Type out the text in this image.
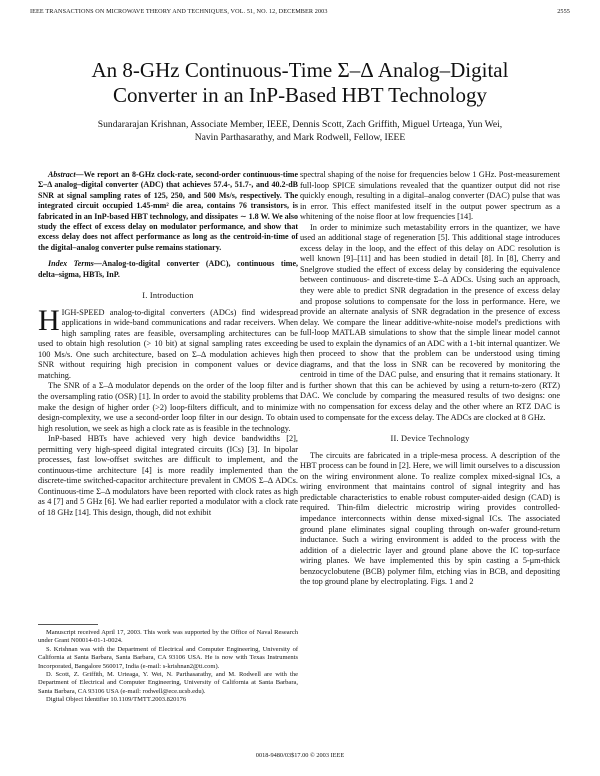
IEEE TRANSACTIONS ON MICROWAVE THEORY AND TECHNIQUES, VOL. 51, NO. 12, DECEMBER 2003	2555
An 8-GHz Continuous-Time Σ–Δ Analog–Digital
Converter in an InP-Based HBT Technology
Sundararajan Krishnan, Associate Member, IEEE, Dennis Scott, Zach Griffith, Miguel Urteaga, Yun Wei,
Navin Parthasarathy, and Mark Rodwell, Fellow, IEEE
Abstract—We report an 8-GHz clock-rate, second-order continuous-time Σ–Δ analog–digital converter (ADC) that achieves 57.4-, 51.7-, and 40.2-dB SNR at signal sampling rates of 125, 250, and 500 Ms/s, respectively. The integrated circuit occupied 1.45-mm² die area, contains 76 transistors, is fabricated in an InP-based HBT technology, and dissipates ∼ 1.8 W. We also study the effect of excess delay on modulator performance, and show that excess delay does not affect performance as long as the centroid-in-time of the digital–analog converter pulse remains stationary.
Index Terms—Analog-to-digital converter (ADC), continuous time, delta–sigma, HBTs, InP.
I. Introduction

HIGH-SPEED analog-to-digital converters (ADCs) find widespread applications in wide-band communications and radar receivers. When high sampling rates are feasible, oversampling architectures can be used to obtain high resolution (> 10 bit) at signal sampling rates exceeding 100 Ms/s. One such architecture, based on Σ–Δ modulation achieves high SNR without requiring high precision in component values or device matching.

The SNR of a Σ–Δ modulator depends on the order of the loop filter and the oversampling ratio (OSR) [1]. In order to avoid the stability problems that make the design of higher order (>2) loop-filters difficult, and to minimize design-complexity, we use a second-order loop filter in our design. To obtain high resolution, we seek as high a clock rate as is feasible in the technology.

InP-based HBTs have achieved very high device bandwidths [2], permitting very high-speed digital integrated circuits (ICs) [3]. In bipolar processes, fast low-offset switches are difficult to implement, and the continuous-time architecture [4] is more readily implemented than the discrete-time switched-capacitor architecture prevalent in CMOS Σ–Δ ADCs. Continuous-time Σ–Δ modulators have been reported with clock rates as high as 4 [7] and 5 GHz [6]. We had earlier reported a modulator with a clock rate of 18 GHz [14]. This design, though, did not exhibit

spectral shaping of the noise for frequencies below 1 GHz. Post-measurement full-loop SPICE simulations revealed that the quantizer output did not rise quickly enough, resulting in a digital–analog converter (DAC) pulse that was in error. This effect manifested itself in the output power spectrum as a whitening of the noise floor at low frequencies [14].

In order to minimize such metastability errors in the quantizer, we have used an additional stage of regeneration [5]. This additional stage introduces excess delay in the loop, and the effect of this delay on ADC resolution is well known [9]–[11] and has been studied in detail [8]. In [8], Cherry and Snelgrove studied the effect of excess delay by considering the equivalence between continuous- and discrete-time Σ–Δ ADCs. Using such an approach, they were able to predict SNR degradation in the presence of excess delay and propose solutions to compensate for the loss in performance. Here, we provide an alternate analysis of SNR degradation in the presence of excess delay. We compare the linear additive-white-noise model's predictions with full-loop MATLAB simulations to show that the simple linear model cannot be used to explain the dynamics of an ADC with a 1-bit internal quantizer. We then proceed to show that the problem can be understood using timing diagrams, and that the loss in SNR can be recovered by monitoring the centroid in time of the DAC pulse, and ensuring that it remains stationary. It is further shown that this can be achieved by using a return-to-zero (RTZ) DAC. We conclude by comparing the measured results of two designs: one with no compensation for excess delay and the other where an RTZ DAC is used to compensate for the excess delay. The ADCs are clocked at 8 GHz.

II. Device Technology

The circuits are fabricated in a triple-mesa process. A description of the HBT process can be found in [2]. Here, we will limit ourselves to a discussion on the wiring environment alone. To realize complex mixed-signal ICs, a wiring environment that maintains control of signal integrity and has predictable characteristics to enable robust computer-aided design (CAD) is required. Thin-film dielectric microstrip wiring provides controlled-impedance interconnects within dense mixed-signal ICs. The associated ground plane eliminates signal coupling through on-wafer ground-return inductance. Such a wiring environment is added to the process with the addition of a dielectric layer and ground plane above the IC top-surface wiring planes. We have implemented this by spin casting a 5-μm-thick benzocyclobutene (BCB) polymer film, etching vias in BCB, and depositing the top ground plane by electroplating. Figs. 1 and 2

Manuscript received April 17, 2003. This work was supported by the Office of Naval Research under Grant N00014-01-1-0024.

S. Krishnan was with the Department of Electrical and Computer Engineering, University of California at Santa Barbara, Santa Barbara, CA 93106 USA. He is now with Texas Instruments Incorporated, Bangalore 560017, India (e-mail: s-krishnan2@ti.com).

D. Scott, Z. Griffith, M. Urteaga, Y. Wei, N. Parthasarathy, and M. Rodwell are with the Department of Electrical and Computer Engineering, University of California at Santa Barbara, Santa Barbara, CA 93106 USA (e-mail: rodwell@ece.ucsb.edu).

Digital Object Identifier 10.1109/TMTT.2003.820176

0018-9480/03$17.00 © 2003 IEEE
